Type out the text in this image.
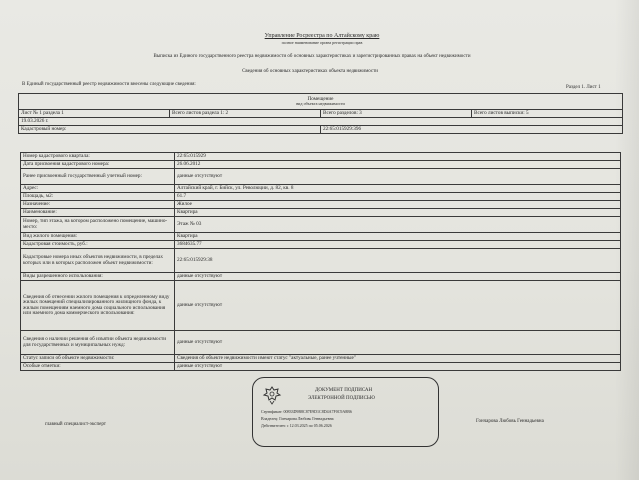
Управление Росреестра по Алтайскому краю
полное наименование органа регистрации прав
Выписка из Единого государственного реестра недвижимости об основных характеристиках и зарегистрированных правах на объект недвижимости
Сведения об основных характеристиках объекта недвижимости
В Единый государственный реестр недвижимости внесены следующие сведения:
Раздел 1. Лист 1
Помещение
вид объекта недвижимости			

Лист № 1 раздела 1	Всего листов раздела 1: 2	Всего разделов: 3	Всего листов выписки: 5
19.03.2026 г.			
Кадастровый номер:		22:65:015929:396	
Номер кадастрового квартала:	22:65:015929
Дата присвоения кадастрового номера:	26.06.2012
Ранее присвоенный государственный учетный номер:	данные отсутствуют
Адрес:	Алтайский край, г. Бийск, ул. Революции, д. 82, кв. 8
Площадь, м2:	61.7
Назначение:	Жилое
Наименование:	Квартира
Номер, тип этажа, на котором расположено помещение, машино-место:	Этаж № 03
Вид жилого помещения:	Квартира
Кадастровая стоимость, руб.:	3684635.77
Кадастровые номера иных объектов недвижимости, в пределах которых или в которых расположен объект недвижимости:	22:65:015929:38
Виды разрешенного использования:	данные отсутствуют
Сведения об отнесении жилого помещения к определенному виду жилых помещений специализированного жилищного фонда, к жилым помещениям наемного дома социального использования или наемного дома коммерческого использования:	данные отсутствуют
Сведения о наличии решения об изъятии объекта недвижимости для государственных и муниципальных нужд:	данные отсутствуют
Статус записи об объекте недвижимости:	Сведения об объекте недвижимости имеют статус "актуальные, ранее учтенные"
Особые отметки:	данные отсутствуют
главный специалист-эксперт
Гончарова Любовь Геннадьевна
ДОКУМЕНТ ПОДПИСАН
ЭЛЕКТРОННОЙ ПОДПИСЬЮ
Сертификат: 00833D9B8C87E9D1C8D4A7F0C9A8B6
Владелец: Гончарова Любовь Геннадьевна
Действителен: с 12.03.2025 по 05.06.2026
